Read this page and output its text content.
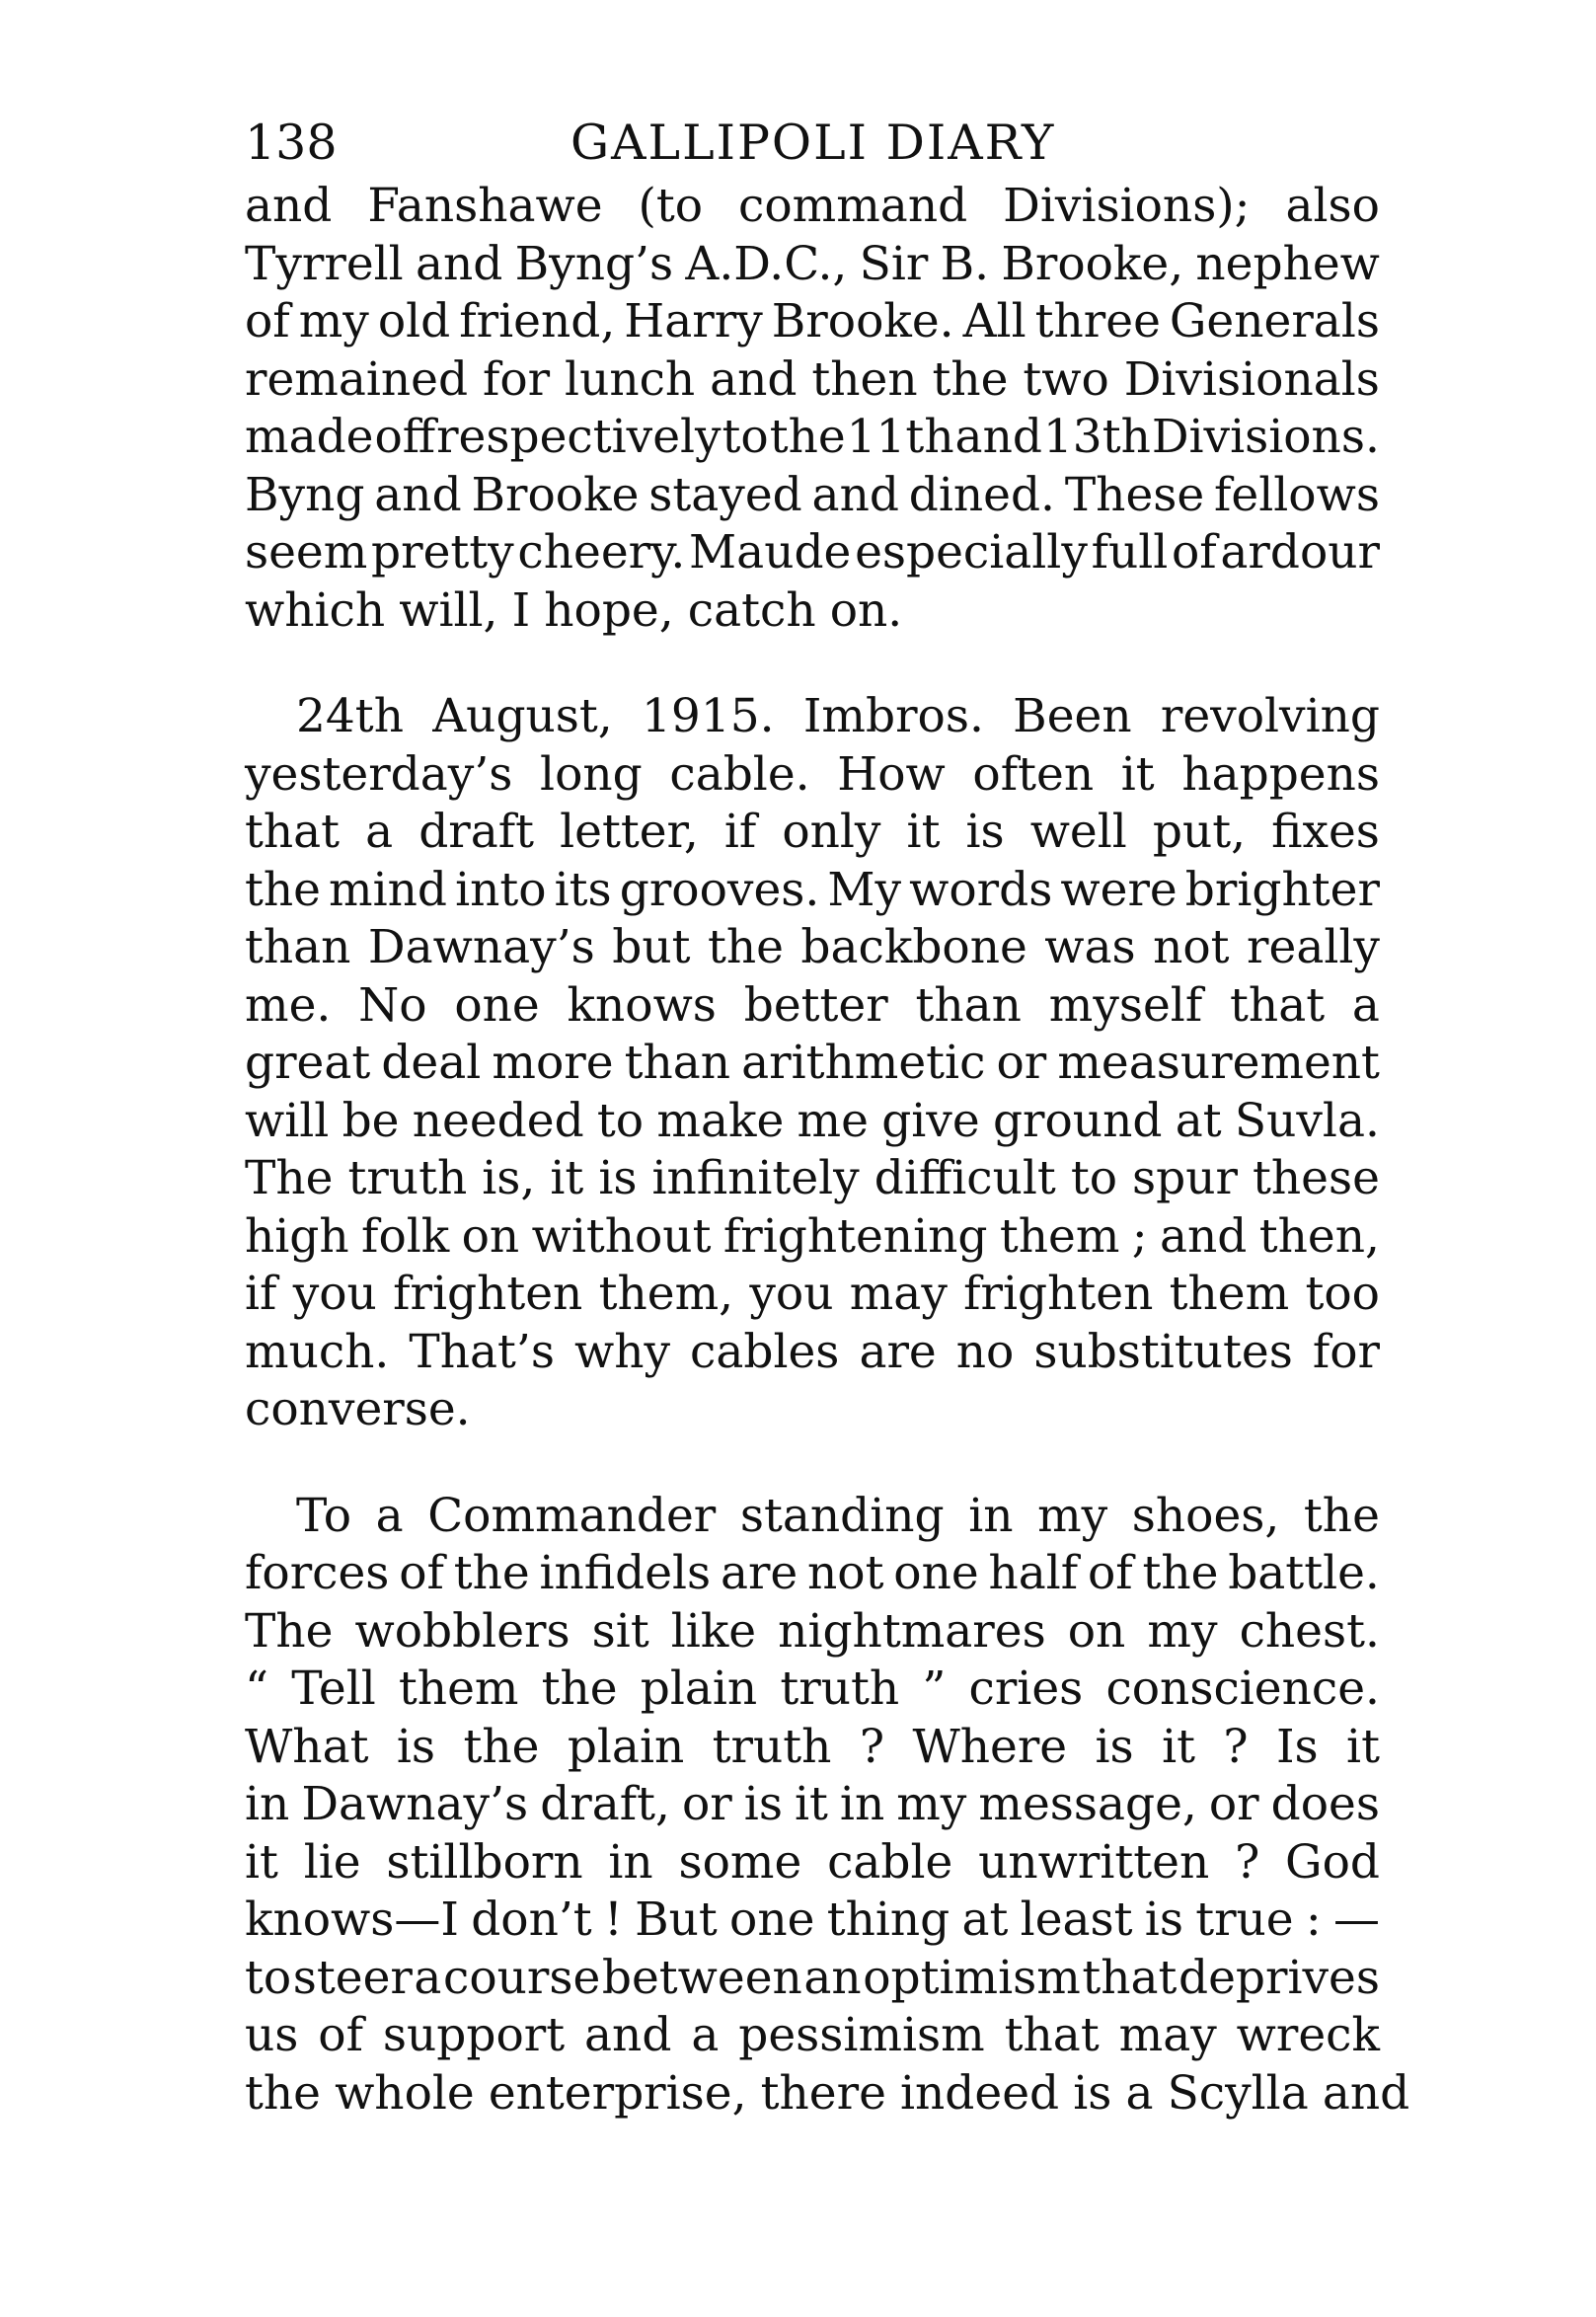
138	GALLIPOLI DIARY
and Fanshawe (to command Divisions); also
Tyrrell and Byng’s A.D.C., Sir B. Brooke, nephew
of my old friend, Harry Brooke. All three Generals
remained for lunch and then the two Divisionals
made off respectively to the 11th and 13th Divisions.
Byng and Brooke stayed and dined. These fellows
seem pretty cheery. Maude especially full of ardour
which will, I hope, catch on.
24th August, 1915. Imbros. Been revolving
yesterday’s long cable. How often it happens
that a draft letter, if only it is well put, fixes
the mind into its grooves. My words were brighter
than Dawnay’s but the backbone was not really
me. No one knows better than myself that a
great deal more than arithmetic or measurement
will be needed to make me give ground at Suvla.
The truth is, it is infinitely difficult to spur these
high folk on without frightening them ; and then,
if you frighten them, you may frighten them too
much. That’s why cables are no substitutes for
converse.
To a Commander standing in my shoes, the
forces of the infidels are not one half of the battle.
The wobblers sit like nightmares on my chest.
“ Tell them the plain truth ” cries conscience.
What is the plain truth ? Where is it ? Is it
in Dawnay’s draft, or is it in my message, or does
it lie stillborn in some cable unwritten ? God
knows—I don’t ! But one thing at least is true : —
to steer a course between an optimism that deprives
us of support and a pessimism that may wreck
the whole enterprise, there indeed is a Scylla and
